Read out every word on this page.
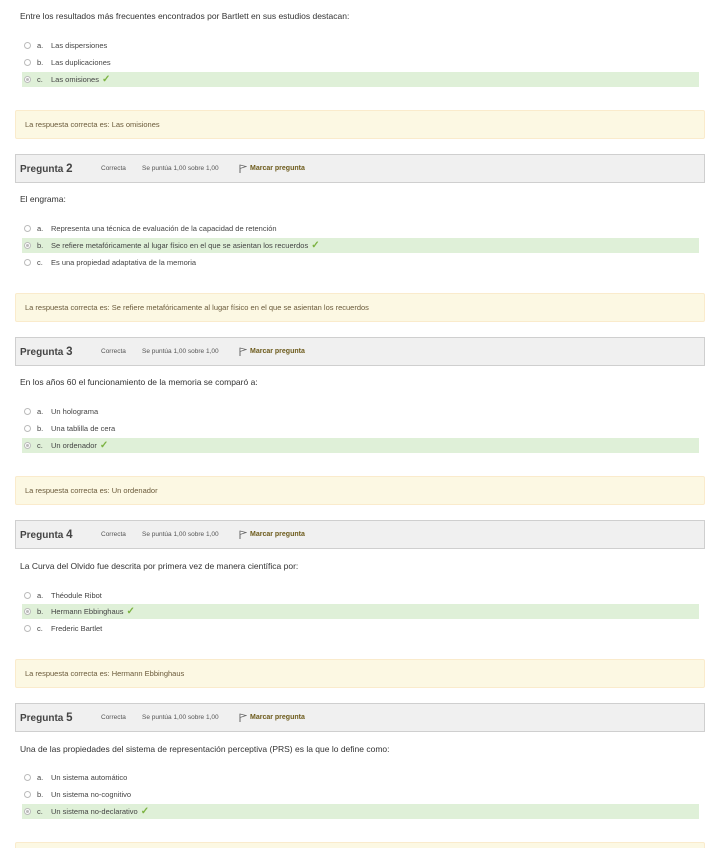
Entre los resultados más frecuentes encontrados por Bartlett en sus estudios destacan:
a.	Las dispersiones
b.	Las duplicaciones
c.	Las omisiones ✓
La respuesta correcta es: Las omisiones
Pregunta 2	Correcta	Se puntúa 1,00 sobre 1,00	Marcar pregunta
El engrama:
a.	Representa una técnica de evaluación de la capacidad de retención
b.	Se refiere metafóricamente al lugar físico en el que se asientan los recuerdos ✓
c.	Es una propiedad adaptativa de la memoria
La respuesta correcta es: Se refiere metafóricamente al lugar físico en el que se asientan los recuerdos
Pregunta 3	Correcta	Se puntúa 1,00 sobre 1,00	Marcar pregunta
En los años 60 el funcionamiento de la memoria se comparó a:
a.	Un holograma
b.	Una tablilla de cera
c.	Un ordenador ✓
La respuesta correcta es: Un ordenador
Pregunta 4	Correcta	Se puntúa 1,00 sobre 1,00	Marcar pregunta
La Curva del Olvido fue descrita por primera vez de manera científica por:
a.	Théodule Ribot
b.	Hermann Ebbinghaus ✓
c.	Frederic Bartlet
La respuesta correcta es: Hermann Ebbinghaus
Pregunta 5	Correcta	Se puntúa 1,00 sobre 1,00	Marcar pregunta
Una de las propiedades del sistema de representación perceptiva (PRS) es la que lo define como:
a.	Un sistema automático
b.	Un sistema no-cognitivo
c.	Un sistema no-declarativo ✓
